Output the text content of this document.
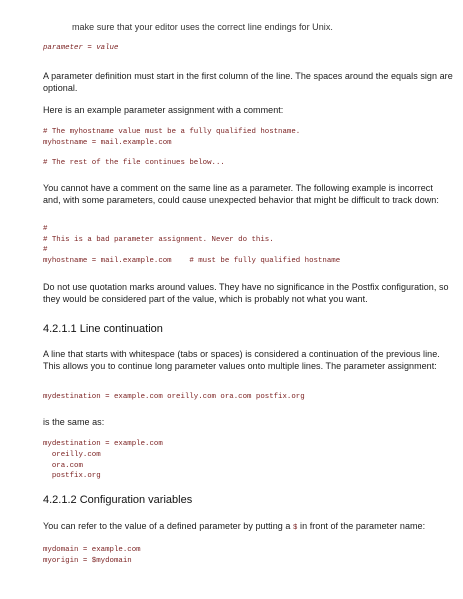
make sure that your editor uses the correct line endings for Unix.

parameter = value

A parameter definition must start in the first column of the line. The spaces around the equals sign are optional.

Here is an example parameter assignment with a comment:

# The myhostname value must be a fully qualified hostname.

myhostname = mail.example.com

# The rest of the file continues below...

You cannot have a comment on the same line as a parameter. The following example is incorrect and, with some parameters, could cause unexpected behavior that might be difficult to track down:

#

# This is a bad parameter assignment. Never do this.

#

myhostname = mail.example.com    # must be fully qualified hostname

Do not use quotation marks around values. They have no significance in the Postfix configuration, so they would be considered part of the value, which is probably not what you want.

4.2.1.1 Line continuation

A line that starts with whitespace (tabs or spaces) is considered a continuation of the previous line. This allows you to continue long parameter values onto multiple lines. The parameter assignment:

mydestination = example.com oreilly.com ora.com postfix.org

is the same as:

mydestination = example.com

oreilly.com

ora.com

postfix.org

4.2.1.2 Configuration variables

You can refer to the value of a defined parameter by putting a $ in front of the parameter name:

mydomain = example.com

myorigin = $mydomain
